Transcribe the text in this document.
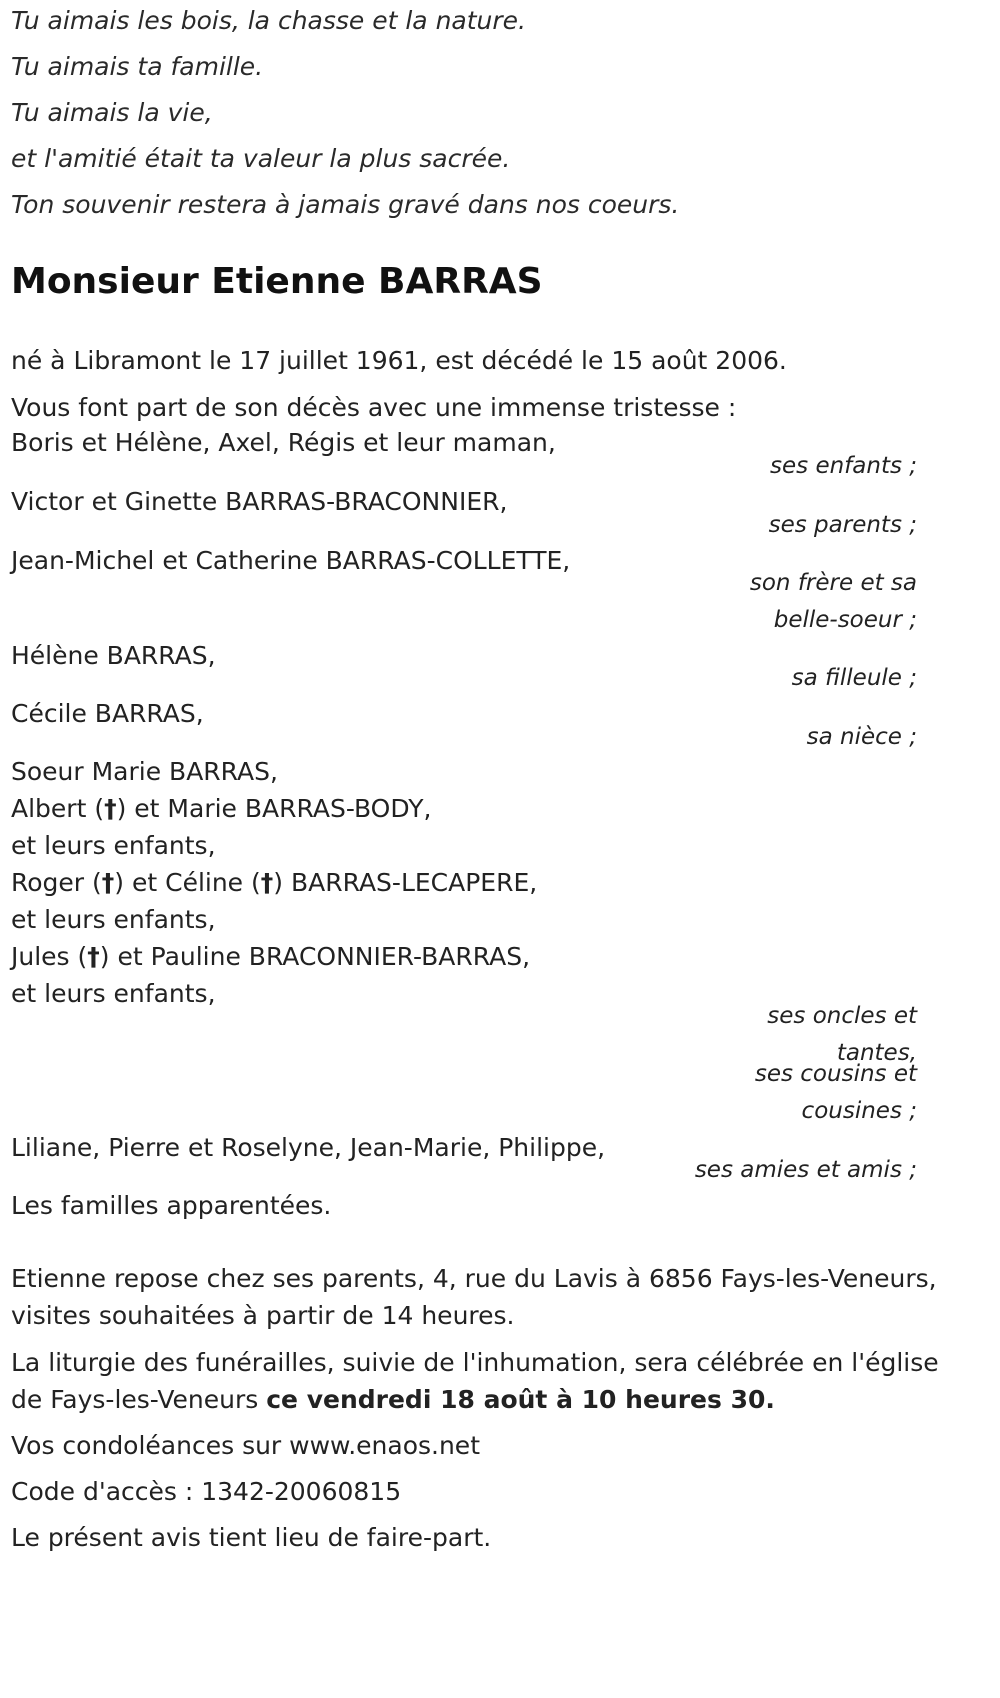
Tu aimais les bois, la chasse et la nature.
Tu aimais ta famille.
Tu aimais la vie,
et l'amitié était ta valeur la plus sacrée.
Ton souvenir restera à jamais gravé dans nos coeurs.
Monsieur Etienne BARRAS
né à Libramont le 17 juillet 1961, est décédé le 15 août 2006.
Vous font part de son décès avec une immense tristesse :
Boris et Hélène, Axel, Régis et leur maman,
ses enfants ;
Victor et Ginette BARRAS-BRACONNIER,
ses parents ;
Jean-Michel et Catherine BARRAS-COLLETTE,
son frère et sa
belle-soeur ;
Hélène BARRAS,
sa filleule ;
Cécile BARRAS,
sa nièce ;
Soeur Marie BARRAS,
Albert (†) et Marie BARRAS-BODY,
et leurs enfants,
Roger (†) et Céline (†) BARRAS-LECAPERE,
et leurs enfants,
Jules (†) et Pauline BRACONNIER-BARRAS,
et leurs enfants,
ses oncles et
tantes,
ses cousins et
cousines ;
Liliane, Pierre et Roselyne, Jean-Marie, Philippe,
ses amies et amis ;
Les familles apparentées.
Etienne repose chez ses parents, 4, rue du Lavis à 6856 Fays-les-Veneurs,
visites souhaitées à partir de 14 heures.
La liturgie des funérailles, suivie de l'inhumation, sera célébrée en l'église
de Fays-les-Veneurs ce vendredi 18 août à 10 heures 30.
Vos condoléances sur www.enaos.net
Code d'accès : 1342-20060815
Le présent avis tient lieu de faire-part.
